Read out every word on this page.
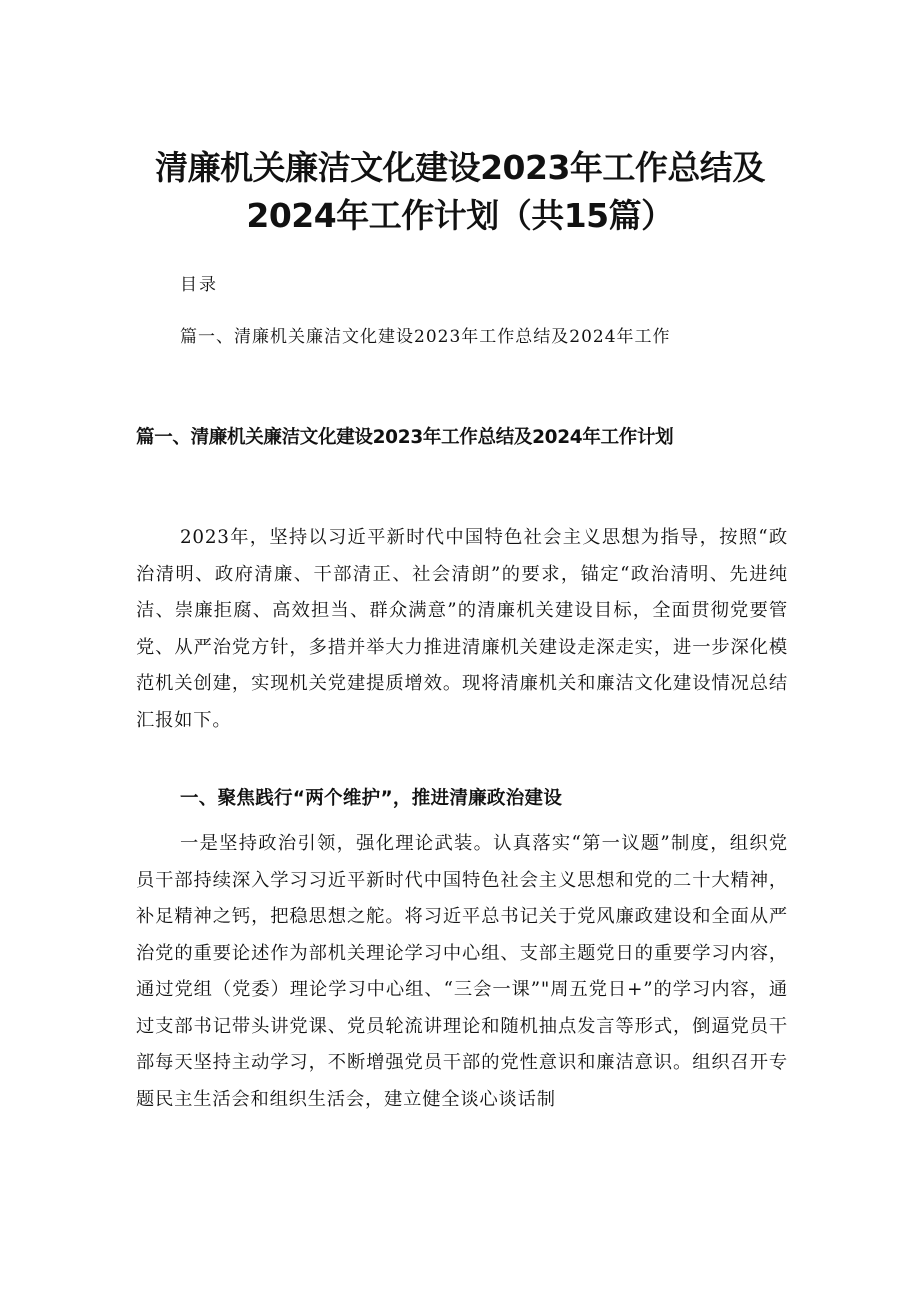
清廉机关廉洁文化建设2023年工作总结及
2024年工作计划（共15篇）
目录
篇一、清廉机关廉洁文化建设2023年工作总结及2024年工作
篇一、清廉机关廉洁文化建设2023年工作总结及2024年工作计划

2023年，坚持以习近平新时代中国特色社会主义思想为指导，按照“政治清明、政府清廉、干部清正、社会清朗”的要求，锚定“政治清明、先进纯洁、崇廉拒腐、高效担当、群众满意”的清廉机关建设目标，全面贯彻党要管党、从严治党方针，多措并举大力推进清廉机关建设走深走实，进一步深化模范机关创建，实现机关党建提质增效。现将清廉机关和廉洁文化建设情况总结汇报如下。

一、聚焦践行“两个维护”，推进清廉政治建设

一是坚持政治引领，强化理论武装。认真落实“第一议题”制度，组织党员干部持续深入学习习近平新时代中国特色社会主义思想和党的二十大精神，补足精神之钙，把稳思想之舵。将习近平总书记关于党风廉政建设和全面从严治党的重要论述作为部机关理论学习中心组、支部主题党日的重要学习内容，通过党组（党委）理论学习中心组、“三会一课”"周五党日+”的学习内容，通过支部书记带头讲党课、党员轮流讲理论和随机抽点发言等形式，倒逼党员干部每天坚持主动学习，不断增强党员干部的党性意识和廉洁意识。组织召开专题民主生活会和组织生活会，建立健全谈心谈话制
